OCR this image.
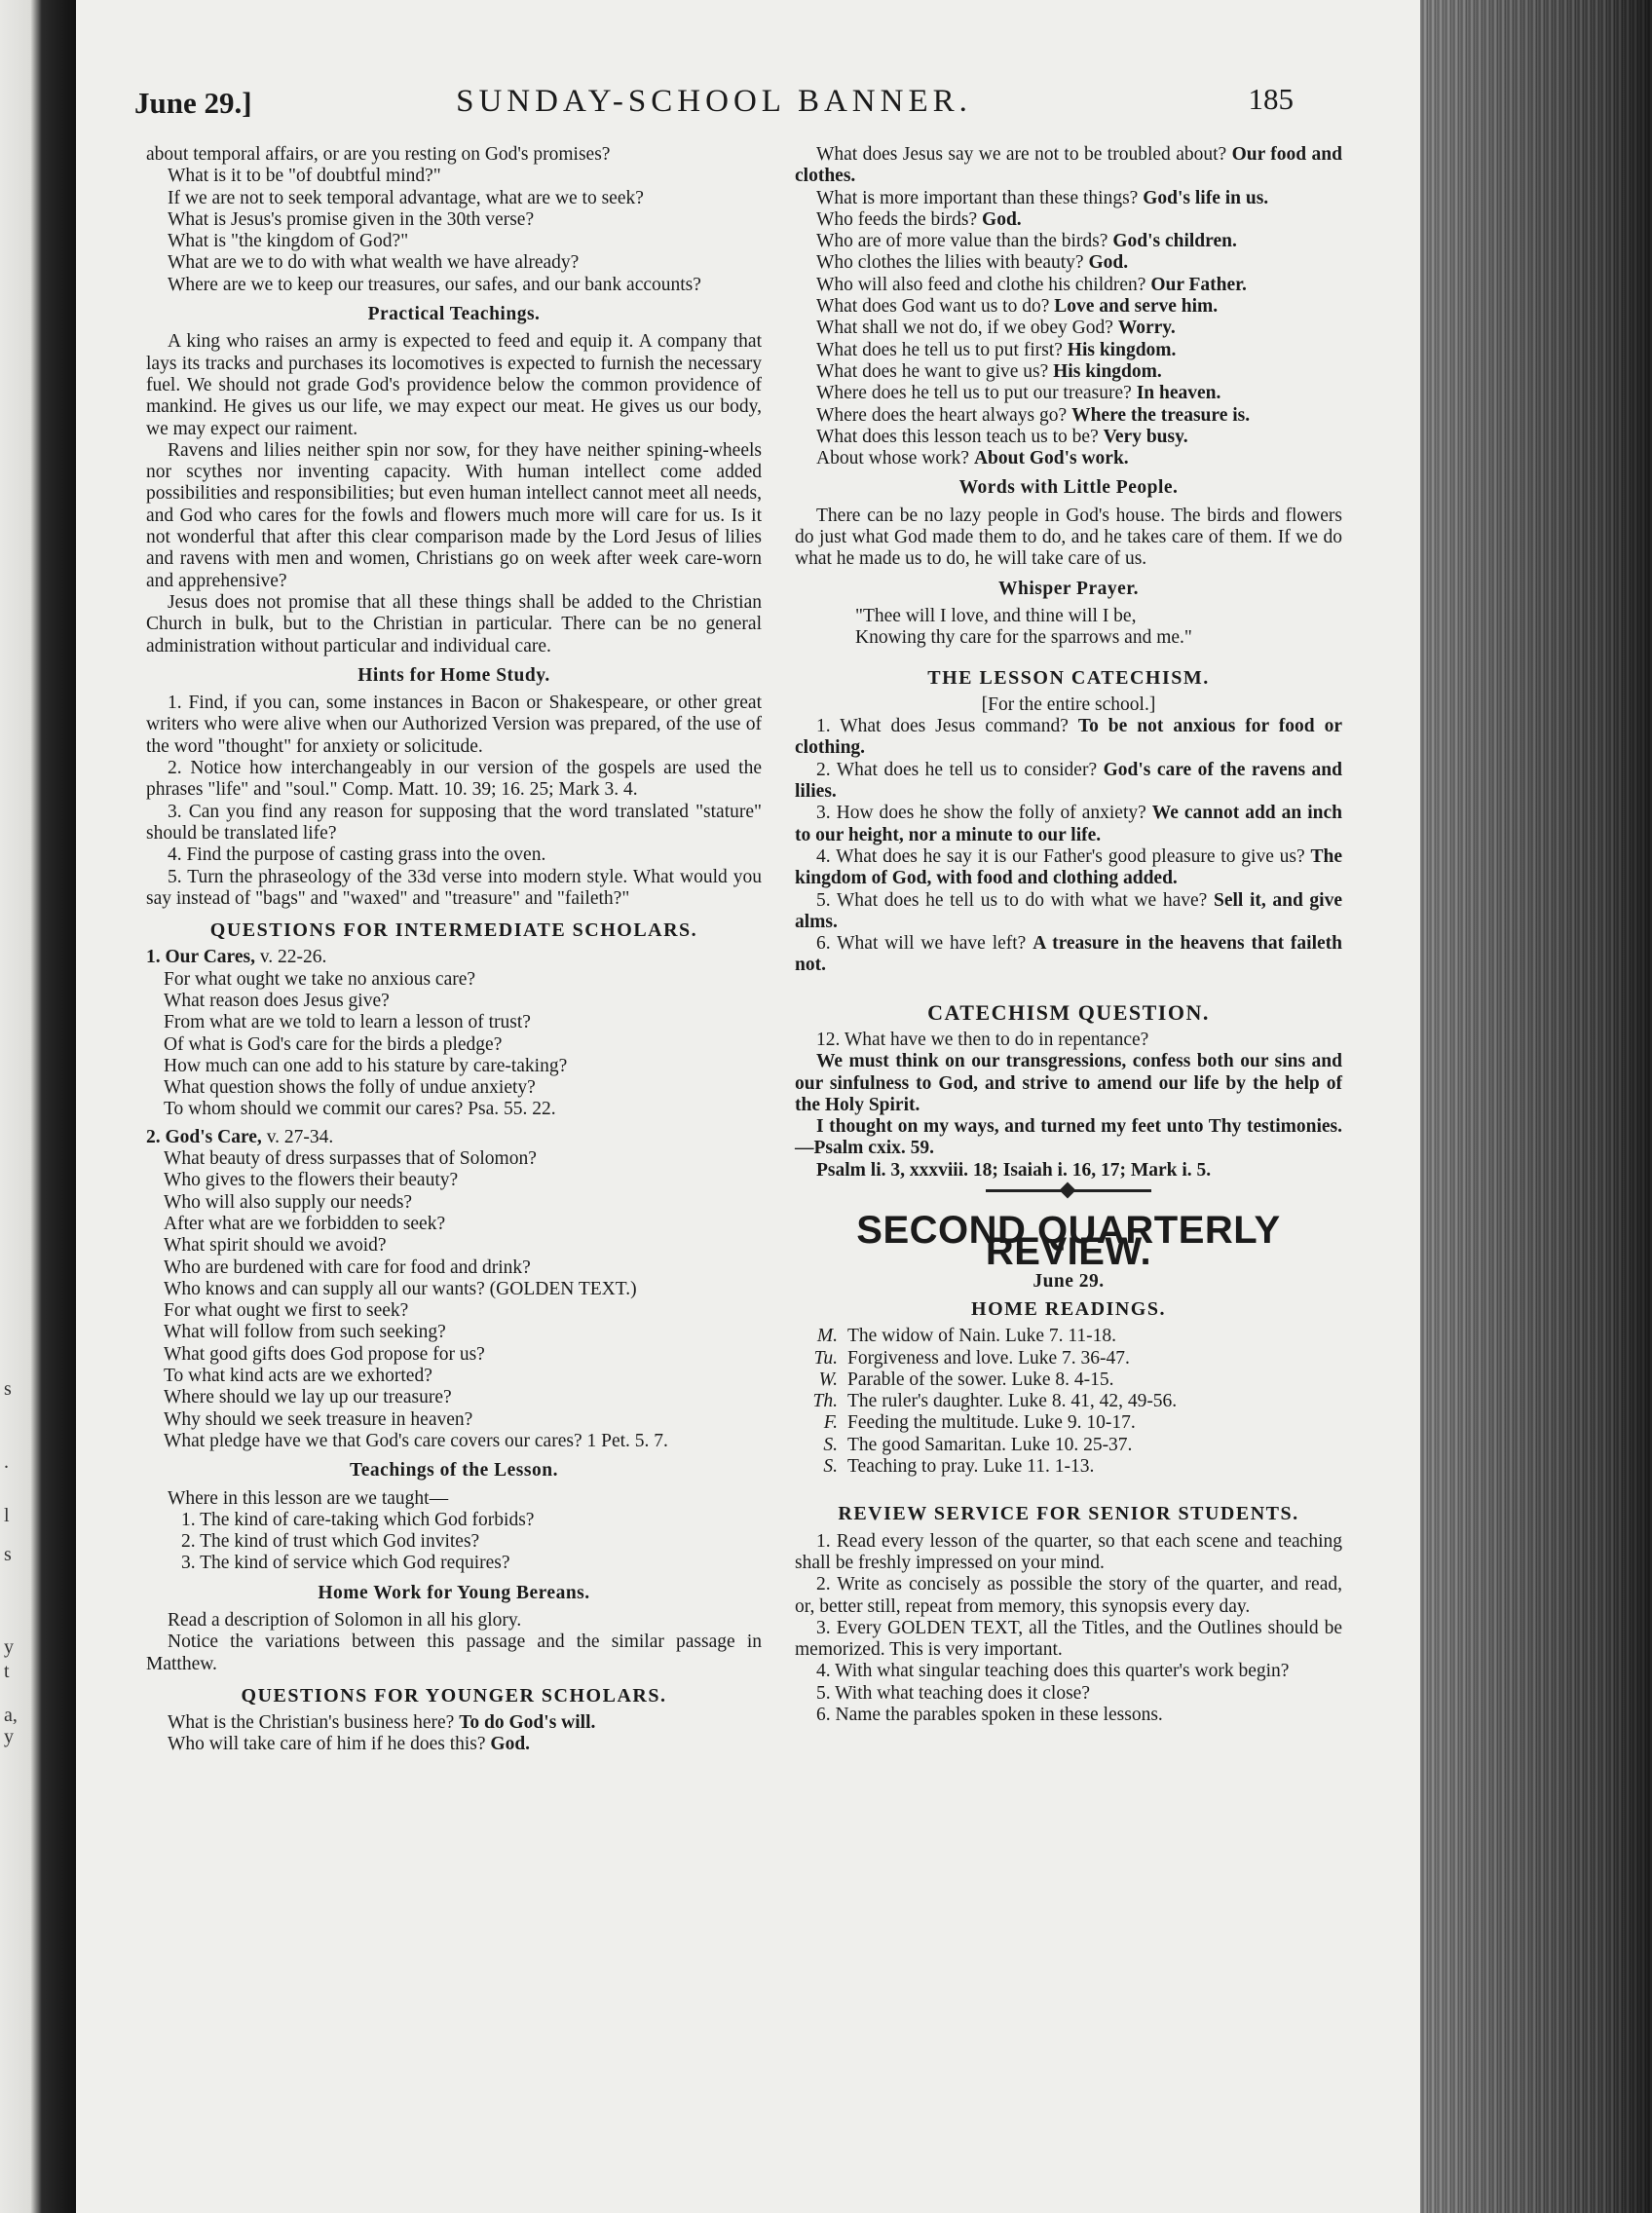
s
.
l
s
y
t
a,
y
June 29.]	SUNDAY-SCHOOL BANNER.	185

about temporal affairs, or are you resting on God's promises?

What is it to be "of doubtful mind?"

If we are not to seek temporal advantage, what are we to seek?

What is Jesus's promise given in the 30th verse?

What is "the kingdom of God?"

What are we to do with what wealth we have already?

Where are we to keep our treasures, our safes, and our bank accounts?

Practical Teachings.

A king who raises an army is expected to feed and equip it. A company that lays its tracks and purchases its locomotives is expected to furnish the necessary fuel. We should not grade God's providence below the common providence of mankind. He gives us our life, we may expect our meat. He gives us our body, we may expect our raiment.

Ravens and lilies neither spin nor sow, for they have neither spining-wheels nor scythes nor inventing capacity. With human intellect come added possibilities and responsibilities; but even human intellect cannot meet all needs, and God who cares for the fowls and flowers much more will care for us. Is it not wonderful that after this clear comparison made by the Lord Jesus of lilies and ravens with men and women, Christians go on week after week care-worn and apprehensive?

Jesus does not promise that all these things shall be added to the Christian Church in bulk, but to the Christian in particular. There can be no general administration without particular and individual care.

Hints for Home Study.

1. Find, if you can, some instances in Bacon or Shakespeare, or other great writers who were alive when our Authorized Version was prepared, of the use of the word "thought" for anxiety or solicitude.

2. Notice how interchangeably in our version of the gospels are used the phrases "life" and "soul." Comp. Matt. 10. 39; 16. 25; Mark 3. 4.

3. Can you find any reason for supposing that the word translated "stature" should be translated life?

4. Find the purpose of casting grass into the oven.

5. Turn the phraseology of the 33d verse into modern style. What would you say instead of "bags" and "waxed" and "treasure" and "faileth?"

QUESTIONS FOR INTERMEDIATE SCHOLARS.

1. Our Cares, v. 22-26.

For what ought we take no anxious care?

What reason does Jesus give?

From what are we told to learn a lesson of trust?

Of what is God's care for the birds a pledge?

How much can one add to his stature by care-taking?

What question shows the folly of undue anxiety?

To whom should we commit our cares? Psa. 55. 22.

2. God's Care, v. 27-34.

What beauty of dress surpasses that of Solomon?

Who gives to the flowers their beauty?

Who will also supply our needs?

After what are we forbidden to seek?

What spirit should we avoid?

Who are burdened with care for food and drink?

Who knows and can supply all our wants? (GOLDEN TEXT.)

For what ought we first to seek?

What will follow from such seeking?

What good gifts does God propose for us?

To what kind acts are we exhorted?

Where should we lay up our treasure?

Why should we seek treasure in heaven?

What pledge have we that God's care covers our cares? 1 Pet. 5. 7.

Teachings of the Lesson.

Where in this lesson are we taught—

1. The kind of care-taking which God forbids?

2. The kind of trust which God invites?

3. The kind of service which God requires?

Home Work for Young Bereans.

Read a description of Solomon in all his glory.

Notice the variations between this passage and the similar passage in Matthew.

QUESTIONS FOR YOUNGER SCHOLARS.

What is the Christian's business here? To do God's will.

Who will take care of him if he does this? God.

What does Jesus say we are not to be troubled about? Our food and clothes.

What is more important than these things? God's life in us.

Who feeds the birds? God.

Who are of more value than the birds? God's children.

Who clothes the lilies with beauty? God.

Who will also feed and clothe his children? Our Father.

What does God want us to do? Love and serve him.

What shall we not do, if we obey God? Worry.

What does he tell us to put first? His kingdom.

What does he want to give us? His kingdom.

Where does he tell us to put our treasure? In heaven.

Where does the heart always go? Where the treasure is.

What does this lesson teach us to be? Very busy.

About whose work? About God's work.

Words with Little People.

There can be no lazy people in God's house. The birds and flowers do just what God made them to do, and he takes care of them. If we do what he made us to do, he will take care of us.

Whisper Prayer.

"Thee will I love, and thine will I be,

Knowing thy care for the sparrows and me."

THE LESSON CATECHISM.

[For the entire school.]

1. What does Jesus command? To be not anxious for food or clothing.

2. What does he tell us to consider? God's care of the ravens and lilies.

3. How does he show the folly of anxiety? We cannot add an inch to our height, nor a minute to our life.

4. What does he say it is our Father's good pleasure to give us? The kingdom of God, with food and clothing added.

5. What does he tell us to do with what we have? Sell it, and give alms.

6. What will we have left? A treasure in the heavens that faileth not.

CATECHISM QUESTION.

12. What have we then to do in repentance?

We must think on our transgressions, confess both our sins and our sinfulness to God, and strive to amend our life by the help of the Holy Spirit.

I thought on my ways, and turned my feet unto Thy testimonies.—Psalm cxix. 59.

Psalm li. 3, xxxviii. 18; Isaiah i. 16, 17; Mark i. 5.

SECOND QUARTERLY REVIEW.
June 29.
HOME READINGS.
M. The widow of Nain. Luke 7. 11-18.
Tu. Forgiveness and love. Luke 7. 36-47.
W. Parable of the sower. Luke 8. 4-15.
Th. The ruler's daughter. Luke 8. 41, 42, 49-56.
F. Feeding the multitude. Luke 9. 10-17.
S. The good Samaritan. Luke 10. 25-37.
S. Teaching to pray. Luke 11. 1-13.
REVIEW SERVICE FOR SENIOR STUDENTS.

1. Read every lesson of the quarter, so that each scene and teaching shall be freshly impressed on your mind.

2. Write as concisely as possible the story of the quarter, and read, or, better still, repeat from memory, this synopsis every day.

3. Every GOLDEN TEXT, all the Titles, and the Outlines should be memorized. This is very important.

4. With what singular teaching does this quarter's work begin?

5. With what teaching does it close?

6. Name the parables spoken in these lessons.
